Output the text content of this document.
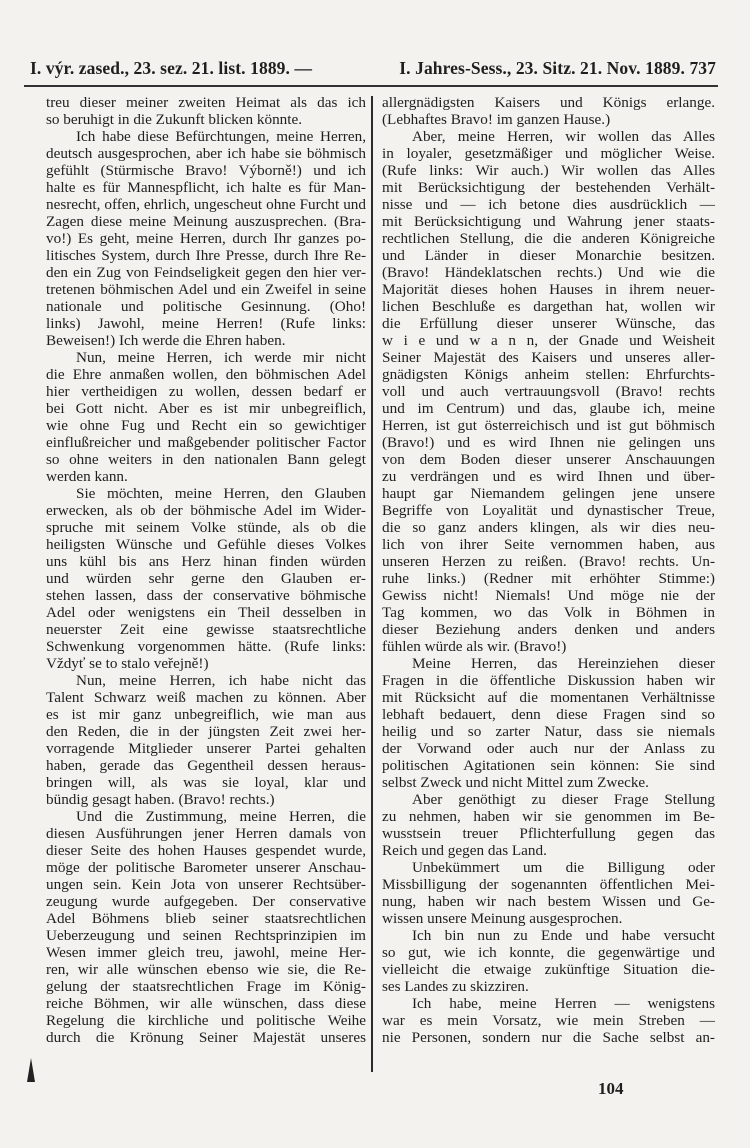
I. výr. zased., 23. sez. 21. list. 1889. —	I. Jahres-Sess., 23. Sitz. 21. Nov. 1889. 737
treu dieser meiner zweiten Heimat als das ich
so beruhigt in die Zukunft blicken könnte.
Ich habe diese Befürchtungen, meine Herren,
deutsch ausgesprochen, aber ich habe sie böhmisch
gefühlt (Stürmische Bravo! Výborně!) und ich
halte es für Mannespflicht, ich halte es für Man-
nesrecht, offen, ehrlich, ungescheut ohne Furcht und
Zagen diese meine Meinung auszusprechen. (Bra-
vo!) Es geht, meine Herren, durch Ihr ganzes po-
litisches System, durch Ihre Presse, durch Ihre Re-
den ein Zug von Feindseligkeit gegen den hier ver-
tretenen böhmischen Adel und ein Zweifel in seine
nationale und politische Gesinnung. (Oho!
links) Jawohl, meine Herren! (Rufe links:
Beweisen!) Ich werde die Ehren haben.
Nun, meine Herren, ich werde mir nicht
die Ehre anmaßen wollen, den böhmischen Adel
hier vertheidigen zu wollen, dessen bedarf er
bei Gott nicht. Aber es ist mir unbegreiflich,
wie ohne Fug und Recht ein so gewichtiger
einflußreicher und maßgebender politischer Factor
so ohne weiters in den nationalen Bann gelegt
werden kann.
Sie möchten, meine Herren, den Glauben
erwecken, als ob der böhmische Adel im Wider-
spruche mit seinem Volke stünde, als ob die
heiligsten Wünsche und Gefühle dieses Volkes
uns kühl bis ans Herz hinan finden würden
und würden sehr gerne den Glauben er-
stehen lassen, dass der conservative böhmische
Adel oder wenigstens ein Theil desselben in
neuerster Zeit eine gewisse staatsrechtliche
Schwenkung vorgenommen hätte. (Rufe links:
Vždyť se to stalo veřejně!)
Nun, meine Herren, ich habe nicht das
Talent Schwarz weiß machen zu können. Aber
es ist mir ganz unbegreiflich, wie man aus
den Reden, die in der jüngsten Zeit zwei her-
vorragende Mitglieder unserer Partei gehalten
haben, gerade das Gegentheil dessen heraus-
bringen will, als was sie loyal, klar und
bündig gesagt haben. (Bravo! rechts.)
Und die Zustimmung, meine Herren, die
diesen Ausführungen jener Herren damals von
dieser Seite des hohen Hauses gespendet wurde,
möge der politische Barometer unserer Anschau-
ungen sein. Kein Jota von unserer Rechtsüber-
zeugung wurde aufgegeben. Der conservative
Adel Böhmens blieb seiner staatsrechtlichen
Ueberzeugung und seinen Rechtsprinzipien im
Wesen immer gleich treu, jawohl, meine Her-
ren, wir alle wünschen ebenso wie sie, die Re-
gelung der staatsrechtlichen Frage im König-
reiche Böhmen, wir alle wünschen, dass diese
Regelung die kirchliche und politische Weihe
durch die Krönung Seiner Majestät unseres
allergnädigsten Kaisers und Königs erlange.
(Lebhaftes Bravo! im ganzen Hause.)
Aber, meine Herren, wir wollen das Alles
in loyaler, gesetzmäßiger und möglicher Weise.
(Rufe links: Wir auch.) Wir wollen das Alles
mit Berücksichtigung der bestehenden Verhält-
nisse und — ich betone dies ausdrücklich —
mit Berücksichtigung und Wahrung jener staats-
rechtlichen Stellung, die die anderen Königreiche
und Länder in dieser Monarchie besitzen.
(Bravo! Händeklatschen rechts.) Und wie die
Majorität dieses hohen Hauses in ihrem neuer-
lichen Beschluße es dargethan hat, wollen wir
die Erfüllung dieser unserer Wünsche, das
w i e und w a n n, der Gnade und Weisheit
Seiner Majestät des Kaisers und unseres aller-
gnädigsten Königs anheim stellen: Ehrfurchts-
voll und auch vertrauungsvoll (Bravo! rechts
und im Centrum) und das, glaube ich, meine
Herren, ist gut österreichisch und ist gut böhmisch
(Bravo!) und es wird Ihnen nie gelingen uns
von dem Boden dieser unserer Anschauungen
zu verdrängen und es wird Ihnen und über-
haupt gar Niemandem gelingen jene unsere
Begriffe von Loyalität und dynastischer Treue,
die so ganz anders klingen, als wir dies neu-
lich von ihrer Seite vernommen haben, aus
unseren Herzen zu reißen. (Bravo! rechts. Un-
ruhe links.) (Redner mit erhöhter Stimme:)
Gewiss nicht! Niemals! Und möge nie der
Tag kommen, wo das Volk in Böhmen in
dieser Beziehung anders denken und anders
fühlen würde als wir. (Bravo!)
Meine Herren, das Hereinziehen dieser
Fragen in die öffentliche Diskussion haben wir
mit Rücksicht auf die momentanen Verhältnisse
lebhaft bedauert, denn diese Fragen sind so
heilig und so zarter Natur, dass sie niemals
der Vorwand oder auch nur der Anlass zu
politischen Agitationen sein können: Sie sind
selbst Zweck und nicht Mittel zum Zwecke.
Aber genöthigt zu dieser Frage Stellung
zu nehmen, haben wir sie genommen im Be-
wusstsein treuer Pflichterfullung gegen das
Reich und gegen das Land.
Unbekümmert um die Billigung oder
Missbilligung der sogenannten öffentlichen Mei-
nung, haben wir nach bestem Wissen und Ge-
wissen unsere Meinung ausgesprochen.
Ich bin nun zu Ende und habe versucht
so gut, wie ich konnte, die gegenwärtige und
vielleicht die etwaige zukünftige Situation die-
ses Landes zu skizziren.
Ich habe, meine Herren — wenigstens
war es mein Vorsatz, wie mein Streben —
nie Personen, sondern nur die Sache selbst an-
104
